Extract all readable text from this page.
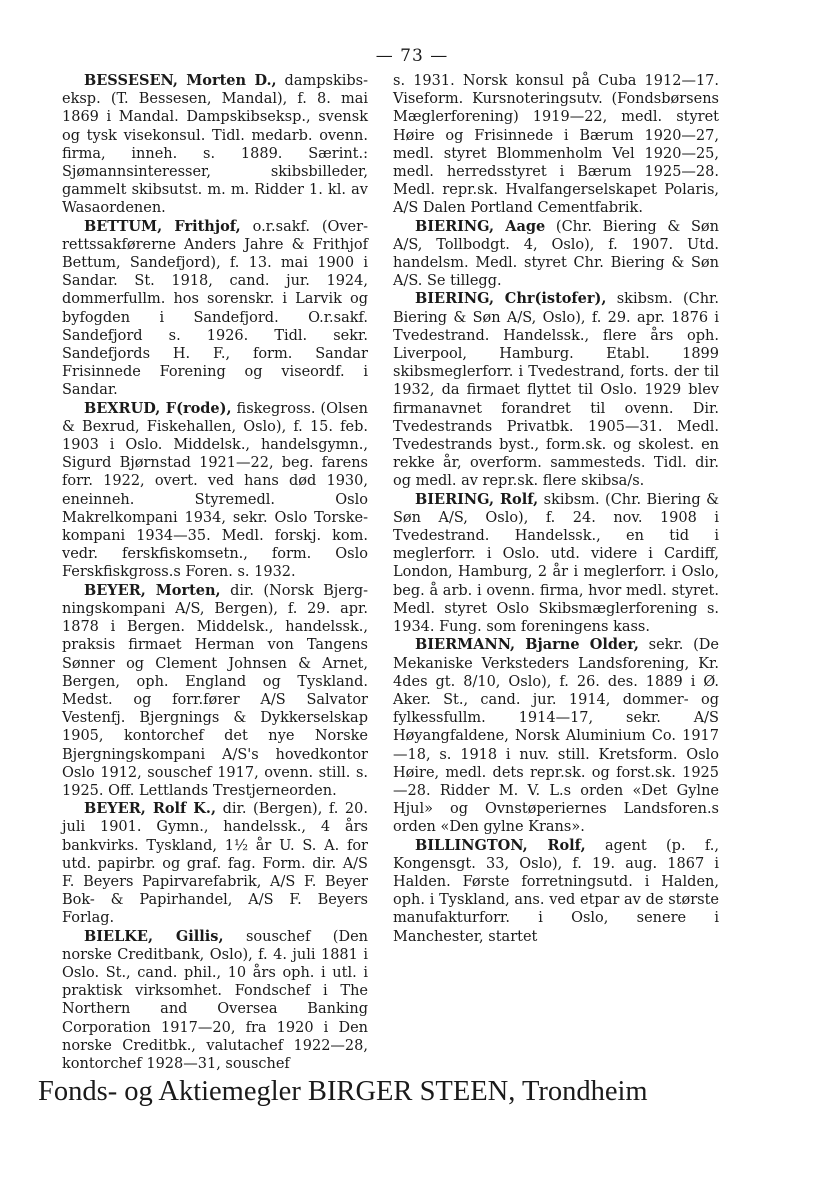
— 73 —

BESSESEN, Morten D., dampskibseksp. (T. Bessesen, Mandal), f. 8. mai 1869 i Mandal. Dampskibseksp., svensk og tysk visekonsul. Tidl. medarb. ovenn. firma, inneh. s. 1889. Særint.: Sjømannsinteresser, skibsbilleder, gammelt skibsutst. m. m. Ridder 1. kl. av Wasaordenen.

BETTUM, Frithjof, o.r.sakf. (Overrettssakførerne Anders Jahre & Frithjof Bettum, Sandefjord), f. 13. mai 1900 i Sandar. St. 1918, cand. jur. 1924, dommerfullm. hos sorenskr. i Larvik og byfogden i Sandefjord. O.r.sakf. Sandefjord s. 1926. Tidl. sekr. Sandefjords H. F., form. Sandar Frisinnede Forening og viseordf. i Sandar.

BEXRUD, F(rode), fiskegross. (Olsen & Bexrud, Fiskehallen, Oslo), f. 15. feb. 1903 i Oslo. Middelsk., handelsgymn., Sigurd Bjørnstad 1921—22, beg. farens forr. 1922, overt. ved hans død 1930, eneinneh. Styremedl. Oslo Makrelkompani 1934, sekr. Oslo Torskekompani 1934—35. Medl. forskj. kom. vedr. ferskfiskomsetn., form. Oslo Ferskfiskgross.s Foren. s. 1932.

BEYER, Morten, dir. (Norsk Bjergningskompani A/S, Bergen), f. 29. apr. 1878 i Bergen. Middelsk., handelssk., praksis firmaet Herman von Tangens Sønner og Clement Johnsen & Arnet, Bergen, oph. England og Tyskland. Medst. og forr.fører A/S Salvator Vestenfj. Bjergnings & Dykkerselskap 1905, kontorchef det nye Norske Bjergningskompani A/S's hovedkontor Oslo 1912, souschef 1917, ovenn. still. s. 1925. Off. Lettlands Trestjerneorden.

BEYER, Rolf K., dir. (Bergen), f. 20. juli 1901. Gymn., handelssk., 4 års bankvirks. Tyskland, 1½ år U. S. A. for utd. papirbr. og graf. fag. Form. dir. A/S F. Beyers Papirvarefabrik, A/S F. Beyer Bok- & Papirhandel, A/S F. Beyers Forlag.

BIELKE, Gillis, souschef (Den norske Creditbank, Oslo), f. 4. juli 1881 i Oslo. St., cand. phil., 10 års oph. i utl. i praktisk virksomhet. Fondschef i The Northern and Oversea Banking Corporation 1917—20, fra 1920 i Den norske Creditbk., valutachef 1922—28, kontorchef 1928—31, souschef

s. 1931. Norsk konsul på Cuba 1912—17. Viseform. Kursnoteringsutv. (Fondsbørsens Mæglerforening) 1919—22, medl. styret Høire og Frisinnede i Bærum 1920—27, medl. styret Blommenholm Vel 1920—25, medl. herredsstyret i Bærum 1925—28. Medl. repr.sk. Hvalfangerselskapet Polaris, A/S Dalen Portland Cementfabrik.

BIERING, Aage (Chr. Biering & Søn A/S, Tollbodgt. 4, Oslo), f. 1907. Utd. handelsm. Medl. styret Chr. Biering & Søn A/S. Se tillegg.

BIERING, Chr(istofer), skibsm. (Chr. Biering & Søn A/S, Oslo), f. 29. apr. 1876 i Tvedestrand. Handelssk., flere års oph. Liverpool, Hamburg. Etabl. 1899 skibsmeglerforr. i Tvedestrand, forts. der til 1932, da firmaet flyttet til Oslo. 1929 blev firmanavnet forandret til ovenn. Dir. Tvedestrands Privatbk. 1905—31. Medl. Tvedestrands byst., form.sk. og skolest. en rekke år, overform. sammesteds. Tidl. dir. og medl. av repr.sk. flere skibsa/s.

BIERING, Rolf, skibsm. (Chr. Biering & Søn A/S, Oslo), f. 24. nov. 1908 i Tvedestrand. Handelssk., en tid i meglerforr. i Oslo. utd. videre i Cardiff, London, Hamburg, 2 år i meglerforr. i Oslo, beg. å arb. i ovenn. firma, hvor medl. styret. Medl. styret Oslo Skibsmæglerforening s. 1934. Fung. som foreningens kass.

BIERMANN, Bjarne Older, sekr. (De Mekaniske Verksteders Landsforening, Kr. 4des gt. 8/10, Oslo), f. 26. des. 1889 i Ø. Aker. St., cand. jur. 1914, dommer- og fylkessfullm. 1914—17, sekr. A/S Høyangfaldene, Norsk Aluminium Co. 1917—18, s. 1918 i nuv. still. Kretsform. Oslo Høire, medl. dets repr.sk. og forst.sk. 1925—28. Ridder M. V. L.s orden «Det Gylne Hjul» og Ovnstøperiernes Landsforen.s orden «Den gylne Krans».

BILLINGTON, Rolf, agent (p. f., Kongensgt. 33, Oslo), f. 19. aug. 1867 i Halden. Første forretningsutd. i Halden, oph. i Tyskland, ans. ved etpar av de største manufakturforr. i Oslo, senere i Manchester, startet

Fonds- og Aktiemegler BIRGER STEEN, Trondheim
